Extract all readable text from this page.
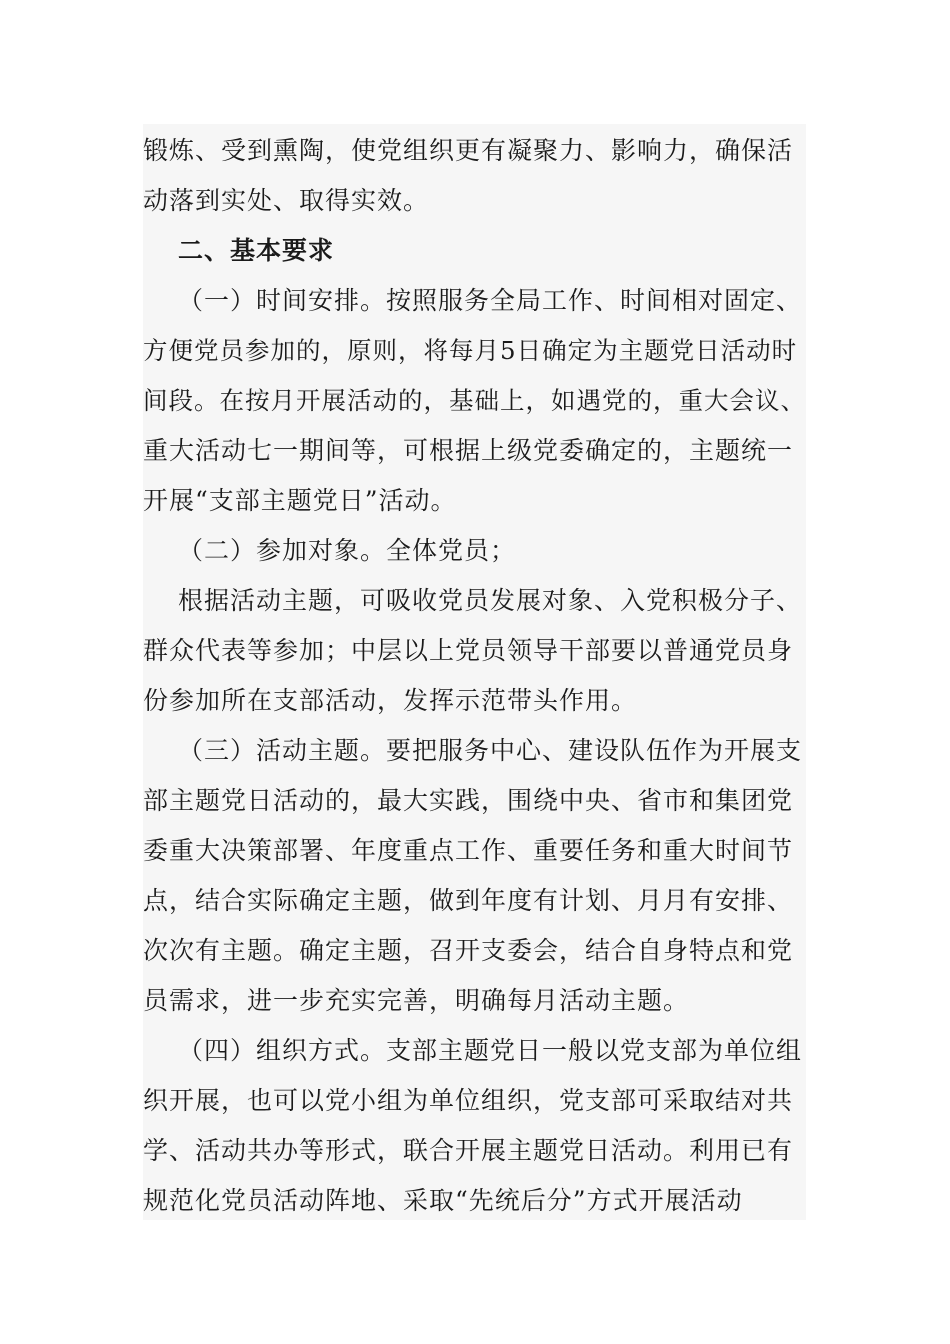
锻炼、受到熏陶，使党组织更有凝聚力、影响力，确保活
动落到实处、取得实效。
二、基本要求
（一）时间安排。按照服务全局工作、时间相对固定、
方便党员参加的，原则，将每月5日确定为主题党日活动时
间段。在按月开展活动的，基础上，如遇党的，重大会议、
重大活动七一期间等，可根据上级党委确定的，主题统一
开展“支部主题党日”活动。
（二）参加对象。全体党员；
根据活动主题，可吸收党员发展对象、入党积极分子、
群众代表等参加；中层以上党员领导干部要以普通党员身
份参加所在支部活动，发挥示范带头作用。
（三）活动主题。要把服务中心、建设队伍作为开展支
部主题党日活动的，最大实践，围绕中央、省市和集团党
委重大决策部署、年度重点工作、重要任务和重大时间节
点，结合实际确定主题，做到年度有计划、月月有安排、
次次有主题。确定主题，召开支委会，结合自身特点和党
员需求，进一步充实完善，明确每月活动主题。
（四）组织方式。支部主题党日一般以党支部为单位组
织开展，也可以党小组为单位组织，党支部可采取结对共
学、活动共办等形式，联合开展主题党日活动。利用已有
规范化党员活动阵地、采取“先统后分”方式开展活动
